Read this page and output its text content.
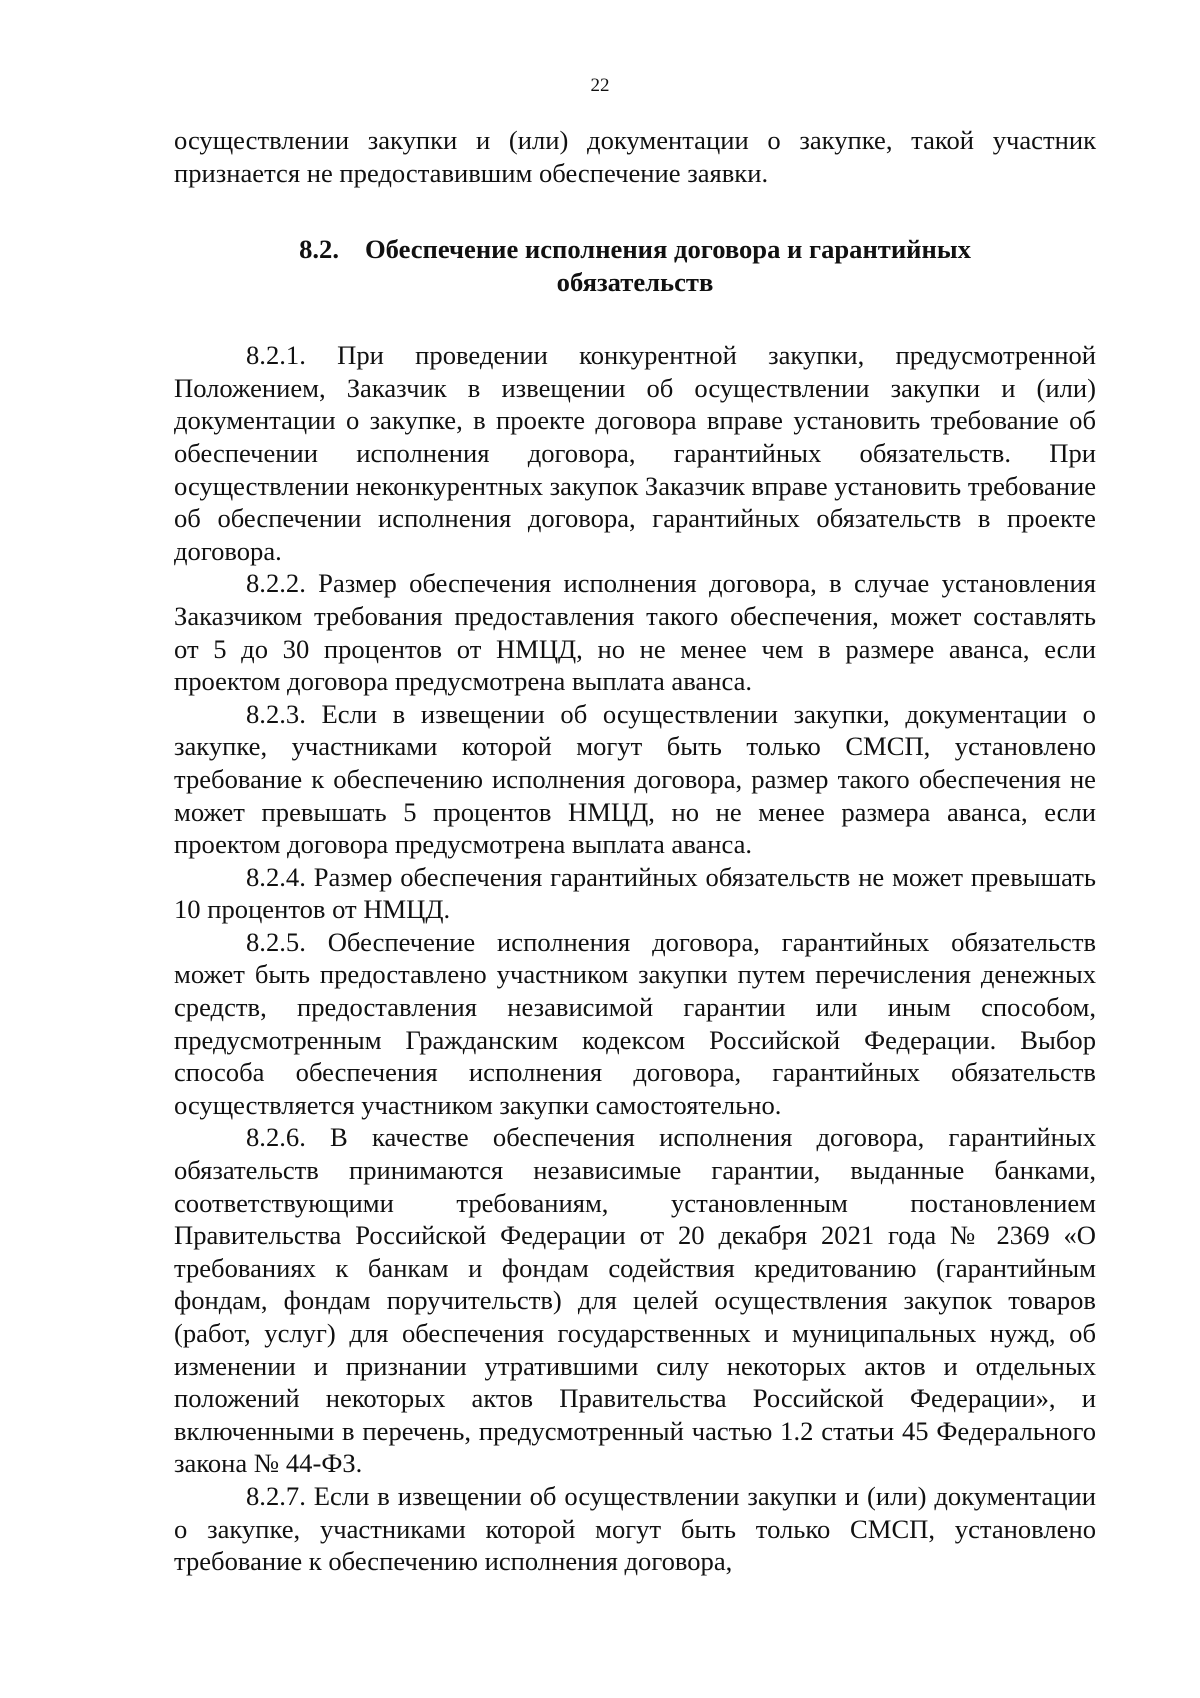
22

осуществлении закупки и (или) документации о закупке, такой участник признается не предоставившим обеспечение заявки.

8.2. Обеспечение исполнения договора и гарантийных
обязательств

8.2.1. При проведении конкурентной закупки, предусмотренной Положением, Заказчик в извещении об осуществлении закупки и (или) документации о закупке, в проекте договора вправе установить требование об обеспечении исполнения договора, гарантийных обязательств. При осуществлении неконкурентных закупок Заказчик вправе установить требование об обеспечении исполнения договора, гарантийных обязательств в проекте договора.

8.2.2. Размер обеспечения исполнения договора, в случае установления Заказчиком требования предоставления такого обеспечения, может составлять от 5 до 30 процентов от НМЦД, но не менее чем в размере аванса, если проектом договора предусмотрена выплата аванса.

8.2.3. Если в извещении об осуществлении закупки, документации о закупке, участниками которой могут быть только СМСП, установлено требование к обеспечению исполнения договора, размер такого обеспечения не может превышать 5 процентов НМЦД, но не менее размера аванса, если проектом договора предусмотрена выплата аванса.

8.2.4. Размер обеспечения гарантийных обязательств не может превышать 10 процентов от НМЦД.

8.2.5. Обеспечение исполнения договора, гарантийных обязательств может быть предоставлено участником закупки путем перечисления денежных средств, предоставления независимой гарантии или иным способом, предусмотренным Гражданским кодексом Российской Федерации. Выбор способа обеспечения исполнения договора, гарантийных обязательств осуществляется участником закупки самостоятельно.

8.2.6. В качестве обеспечения исполнения договора, гарантийных обязательств принимаются независимые гарантии, выданные банками, соответствующими требованиям, установленным постановлением Правительства Российской Федерации от 20 декабря 2021 года № 2369 «О требованиях к банкам и фондам содействия кредитованию (гарантийным фондам, фондам поручительств) для целей осуществления закупок товаров (работ, услуг) для обеспечения государственных и муниципальных нужд, об изменении и признании утратившими силу некоторых актов и отдельных положений некоторых актов Правительства Российской Федерации», и включенными в перечень, предусмотренный частью 1.2 статьи 45 Федерального закона № 44-ФЗ.

8.2.7. Если в извещении об осуществлении закупки и (или) документации о закупке, участниками которой могут быть только СМСП, установлено требование к обеспечению исполнения договора,
